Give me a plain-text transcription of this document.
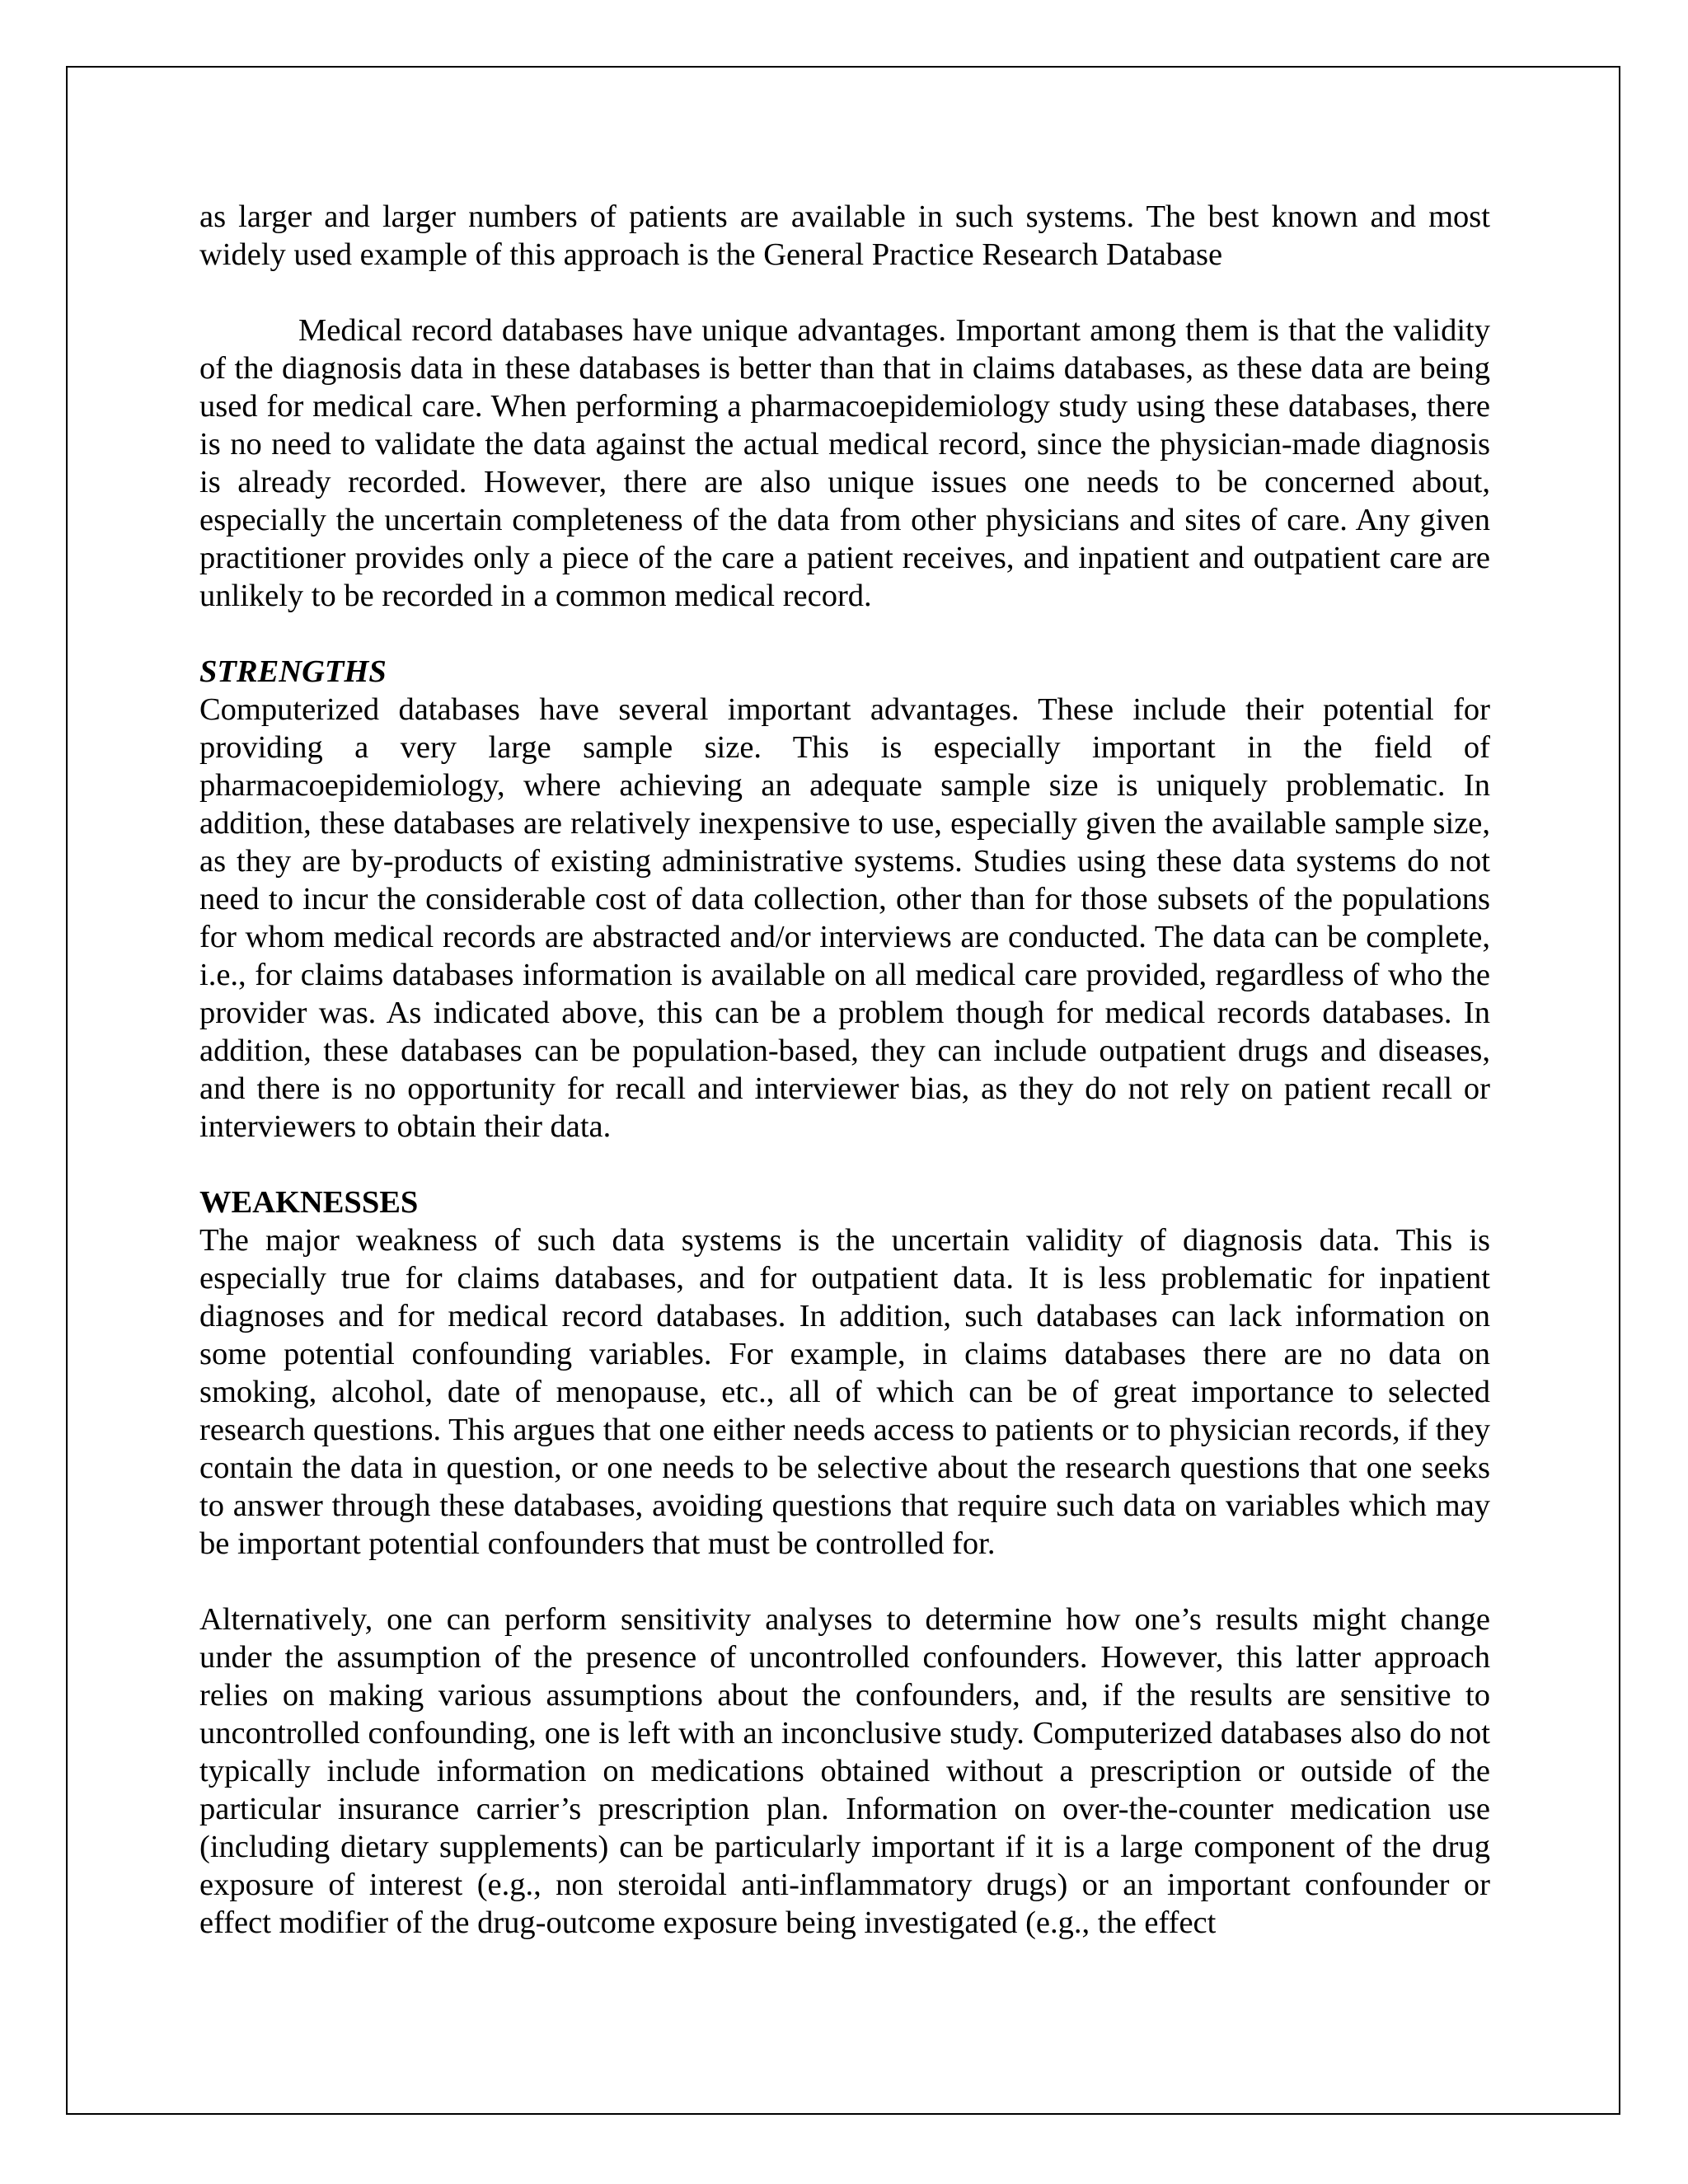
as larger and larger numbers of patients are available in such systems. The best known and most widely used example of this approach is the General Practice Research Database

Medical record databases have unique advantages. Important among them is that the validity of the diagnosis data in these databases is better than that in claims databases, as these data are being used for medical care. When performing a pharmacoepidemiology study using these databases, there is no need to validate the data against the actual medical record, since the physician-made diagnosis is already recorded. However, there are also unique issues one needs to be concerned about, especially the uncertain completeness of the data from other physicians and sites of care. Any given practitioner provides only a piece of the care a patient receives, and inpatient and outpatient care are unlikely to be recorded in a common medical record.

STRENGTHS

Computerized databases have several important advantages. These include their potential for providing a very large sample size. This is especially important in the field of pharmacoepidemiology, where achieving an adequate sample size is uniquely problematic. In addition, these databases are relatively inexpensive to use, especially given the available sample size, as they are by-products of existing administrative systems. Studies using these data systems do not need to incur the considerable cost of data collection, other than for those subsets of the populations for whom medical records are abstracted and/or interviews are conducted. The data can be complete, i.e., for claims databases information is available on all medical care provided, regardless of who the provider was. As indicated above, this can be a problem though for medical records databases. In addition, these databases can be population-based, they can include outpatient drugs and diseases, and there is no opportunity for recall and interviewer bias, as they do not rely on patient recall or interviewers to obtain their data.

WEAKNESSES

The major weakness of such data systems is the uncertain validity of diagnosis data. This is especially true for claims databases, and for outpatient data. It is less problematic for inpatient diagnoses and for medical record databases. In addition, such databases can lack information on some potential confounding variables. For example, in claims databases there are no data on smoking, alcohol, date of menopause, etc., all of which can be of great importance to selected research questions. This argues that one either needs access to patients or to physician records, if they contain the data in question, or one needs to be selective about the research questions that one seeks to answer through these databases, avoiding questions that require such data on variables which may be important potential confounders that must be controlled for.

Alternatively, one can perform sensitivity analyses to determine how one’s results might change under the assumption of the presence of uncontrolled confounders. However, this latter approach relies on making various assumptions about the confounders, and, if the results are sensitive to uncontrolled confounding, one is left with an inconclusive study. Computerized databases also do not typically include information on medications obtained without a prescription or outside of the particular insurance carrier’s prescription plan. Information on over-the-counter medication use (including dietary supplements) can be particularly important if it is a large component of the drug exposure of interest (e.g., non steroidal anti-inflammatory drugs) or an important confounder or effect modifier of the drug-outcome exposure being investigated (e.g., the effect
